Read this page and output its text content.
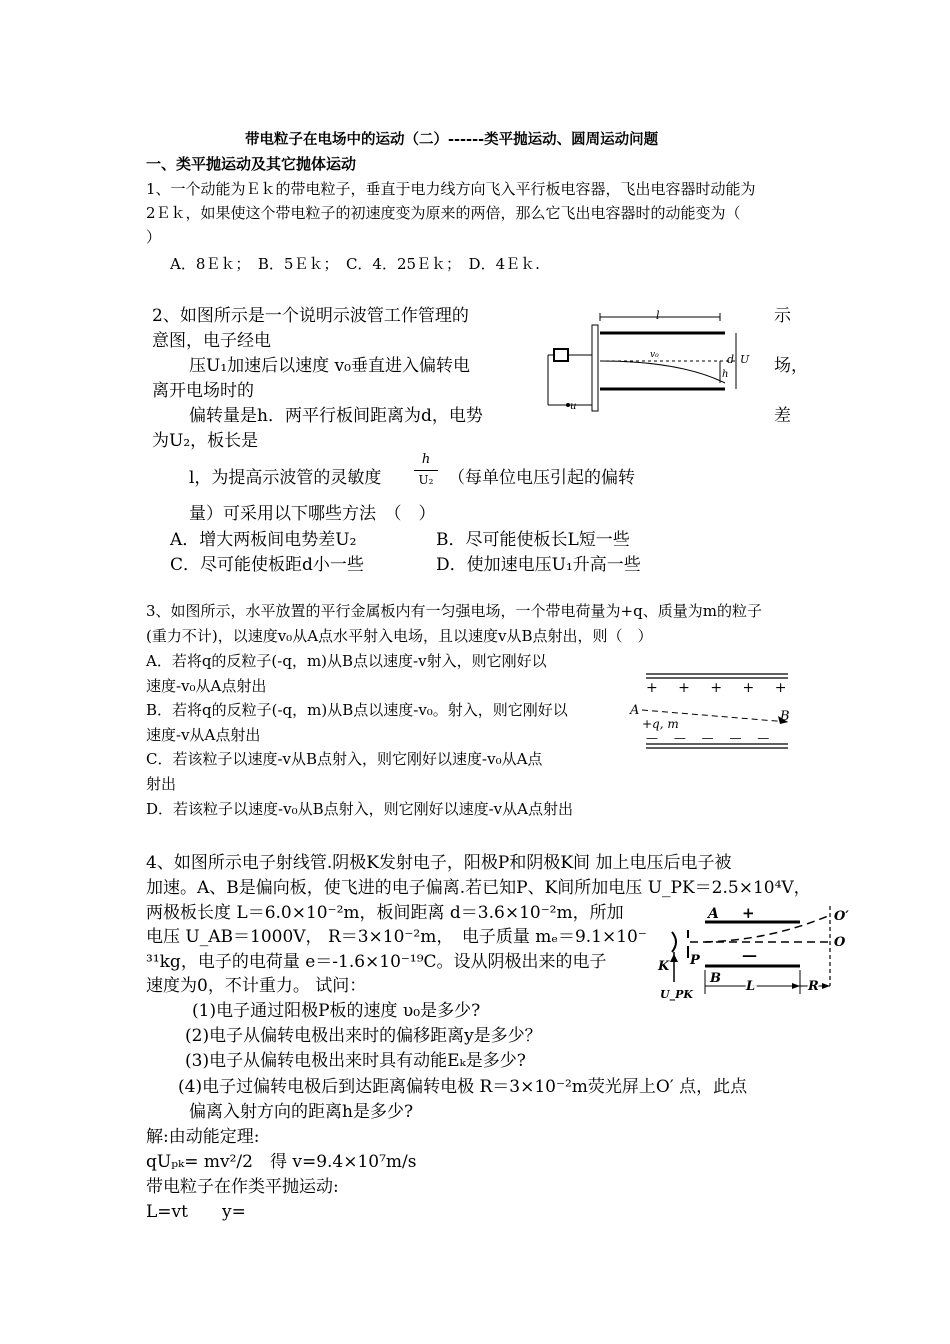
带电粒子在电场中的运动（二）------类平抛运动、圆周运动问题
一、类平抛运动及其它抛体运动
1、一个动能为Ｅｋ的带电粒子，垂直于电力线方向飞入平行板电容器，飞出电容器时动能为
2Ｅｋ，如果使这个带电粒子的初速度变为原来的两倍，那么它飞出电容器时的动能变为（
）
A．8Ｅｋ；　B．5Ｅｋ；　C．4．25Ｅｋ；　D．4Ｅｋ.
2、如图所示是一个说明示波管工作管理的	示
意图，电子经电
压U₁加速后以速度 v₀垂直进入偏转电	场，
离开电场时的
偏转量是h．两平行板间距离为d，电势	差
为U₂，板长是
l，为提高示波管的灵敏度
h
U₂ （每单位电压引起的偏转
量）可采用以下哪些方法　（　）
A．增大两板间电势差U₂	B．尽可能使板长L短一些
C．尽可能使板距d小一些	D．使加速电压U₁升高一些
l
v₀	d
h
U
u
3、如图所示，水平放置的平行金属板内有一匀强电场，一个带电荷量为+q、质量为m的粒子
(重力不计)，以速度v₀从A点水平射入电场，且以速度v从B点射出，则（　）
A．若将q的反粒子(-q，m)从B点以速度-v射入，则它刚好以
速度-v₀从A点射出
B．若将q的反粒子(-q，m)从B点以速度-v₀。射入，则它刚好以
速度-v从A点射出
C．若该粒子以速度-v从B点射入，则它刚好以速度-v₀从A点
射出
D．若该粒子以速度-v₀从B点射入，则它刚好以速度-v从A点射出
+ + + + +
A
+q, m	B
— — — — —
4、如图所示电子射线管.阴极K发射电子，阳极P和阴极K间 加上电压后电子被
加速。A、B是偏向板，使飞进的电子偏离.若已知P、K间所加电压 U_PK＝2.5×10⁴V，
两极板长度 L＝6.0×10⁻²m，板间距离 d＝3.6×10⁻²m，所加
电压 U_AB＝1000V， R＝3×10⁻²m，　电子质量 mₑ＝9.1×10⁻
³¹kg，电子的电荷量 e＝-1.6×10⁻¹⁹C。设从阴极出来的电子
速度为0，不计重力。 试问：
(1)电子通过阳极P板的速度 υ₀是多少?
(2)电子从偏转电极出来时的偏移距离y是多少？
(3)电子从偏转电极出来时具有动能Eₖ是多少?
(4)电子过偏转电极后到达距离偏转电极 R＝3×10⁻²m荧光屏上O′ 点，此点
偏离入射方向的距离h是多少?
解:由动能定理:
qUₚₖ= mv²/2　得 v=9.4×10⁷m/s
带电粒子在作类平抛运动:
L=vt　　y=
A +	O′
O
K P	—
B
L	R
U_PK
